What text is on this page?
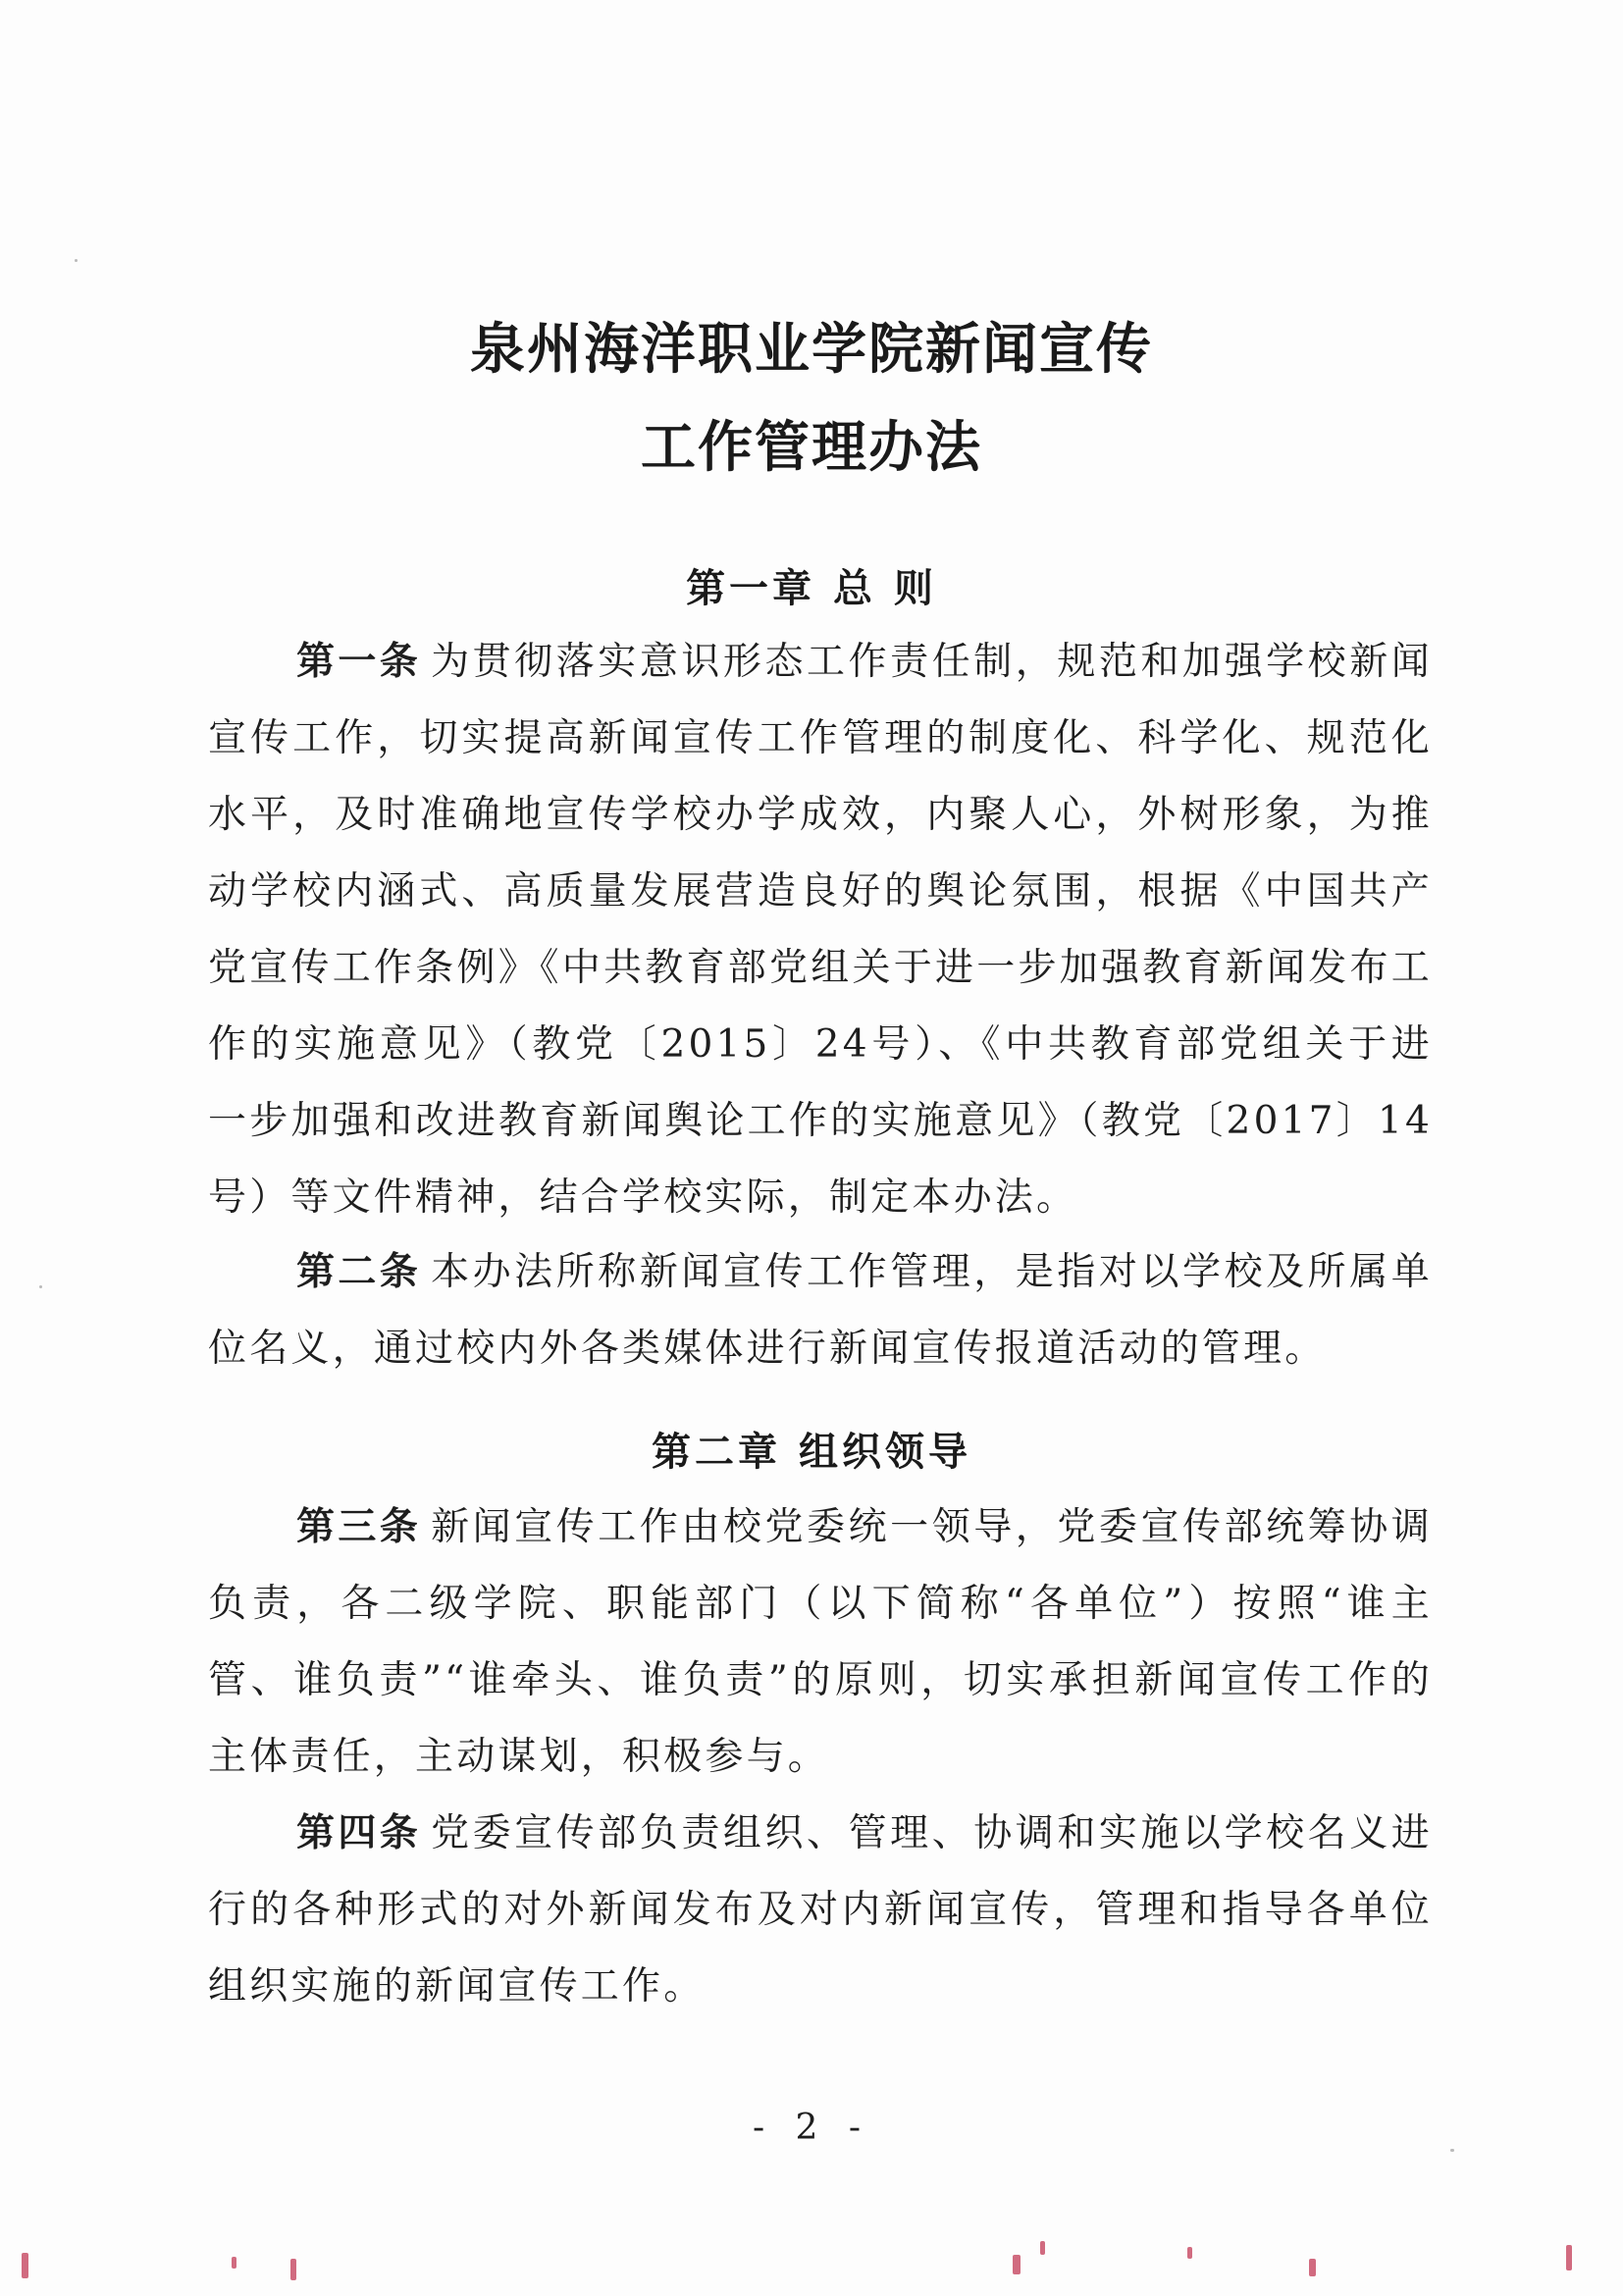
泉州海洋职业学院新闻宣传
工作管理办法
第一章 总 则
第一条 为贯彻落实意识形态工作责任制，规范和加强学校新闻宣传工作，切实提高新闻宣传工作管理的制度化、科学化、规范化水平，及时准确地宣传学校办学成效，内聚人心，外树形象，为推动学校内涵式、高质量发展营造良好的舆论氛围，根据《中国共产党宣传工作条例》《中共教育部党组关于进一步加强教育新闻发布工作的实施意见》（教党〔2015〕24号）、《中共教育部党组关于进一步加强和改进教育新闻舆论工作的实施意见》（教党〔2017〕14号）等文件精神，结合学校实际，制定本办法。
第二条 本办法所称新闻宣传工作管理，是指对以学校及所属单位名义，通过校内外各类媒体进行新闻宣传报道活动的管理。
第二章 组织领导
第三条 新闻宣传工作由校党委统一领导，党委宣传部统筹协调负责，各二级学院、职能部门（以下简称“各单位”）按照“谁主管、谁负责”“谁牵头、谁负责”的原则，切实承担新闻宣传工作的主体责任，主动谋划，积极参与。
第四条 党委宣传部负责组织、管理、协调和实施以学校名义进行的各种形式的对外新闻发布及对内新闻宣传，管理和指导各单位组织实施的新闻宣传工作。
- 2 -
